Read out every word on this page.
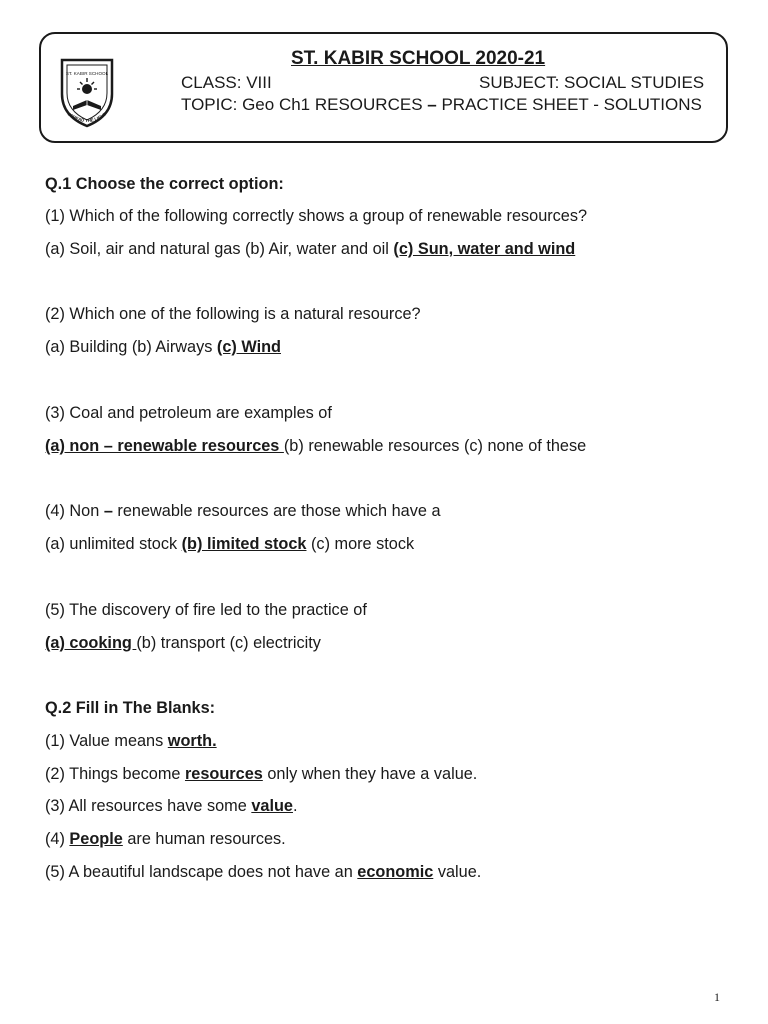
ST. KABIR SCHOOL
SPREAD THE LIGHT
ST. KABIR SCHOOL 2020-21
CLASS: VIII	SUBJECT: SOCIAL STUDIES
TOPIC: Geo Ch1 RESOURCES – PRACTICE SHEET - SOLUTIONS
Q.1 Choose the correct option:
(1) Which of the following correctly shows a group of renewable resources?
(a) Soil, air and natural gas (b) Air, water and oil (c) Sun, water and wind
(2) Which one of the following is a natural resource?
(a) Building (b) Airways (c) Wind
(3) Coal and petroleum are examples of
(a) non – renewable resources (b) renewable resources (c) none of these
(4) Non – renewable resources are those which have a
(a) unlimited stock (b) limited stock (c) more stock
(5) The discovery of fire led to the practice of
(a) cooking (b) transport (c) electricity
Q.2 Fill in The Blanks:
(1) Value means worth.
(2) Things become resources only when they have a value.
(3) All resources have some value.
(4) People are human resources.
(5) A beautiful landscape does not have an economic value.
1
